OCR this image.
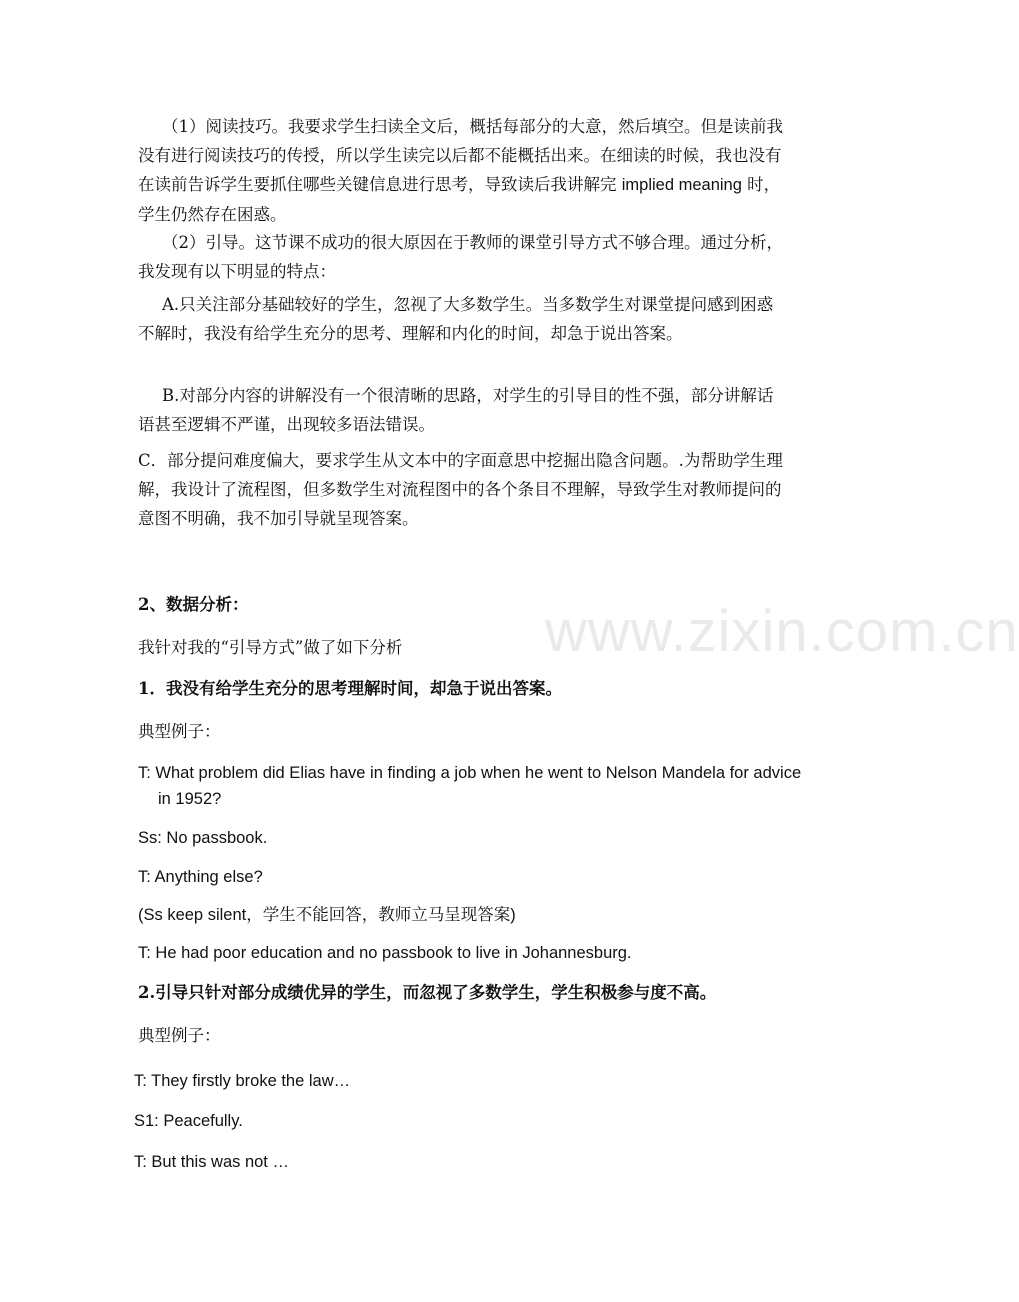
www.zixin.com.cn

（1）阅读技巧。我要求学生扫读全文后，概括每部分的大意，然后填空。但是读前我没有进行阅读技巧的传授，所以学生读完以后都不能概括出来。在细读的时候，我也没有在读前告诉学生要抓住哪些关键信息进行思考，导致读后我讲解完 implied meaning 时，学生仍然存在困惑。

（2）引导。这节课不成功的很大原因在于教师的课堂引导方式不够合理。通过分析，我发现有以下明显的特点：

A.只关注部分基础较好的学生，忽视了大多数学生。当多数学生对课堂提问感到困惑不解时，我没有给学生充分的思考、理解和内化的时间，却急于说出答案。

B.对部分内容的讲解没有一个很清晰的思路，对学生的引导目的性不强，部分讲解话语甚至逻辑不严谨，出现较多语法错误。

C．部分提问难度偏大，要求学生从文本中的字面意思中挖掘出隐含问题。.为帮助学生理解，我设计了流程图，但多数学生对流程图中的各个条目不理解，导致学生对教师提问的意图不明确，我不加引导就呈现答案。

2、数据分析：

我针对我的“引导方式”做了如下分析

1．我没有给学生充分的思考理解时间，却急于说出答案。

典型例子：

T: What problem did Elias have in finding a job when he went to Nelson Mandela for advice in 1952?

Ss: No passbook.

T: Anything else?

(Ss keep silent，学生不能回答，教师立马呈现答案)

T: He had poor education and no passbook to live in Johannesburg.

2.引导只针对部分成绩优异的学生，而忽视了多数学生，学生积极参与度不高。

典型例子：

T: They firstly broke the law…

S1: Peacefully.

T: But this was not …
